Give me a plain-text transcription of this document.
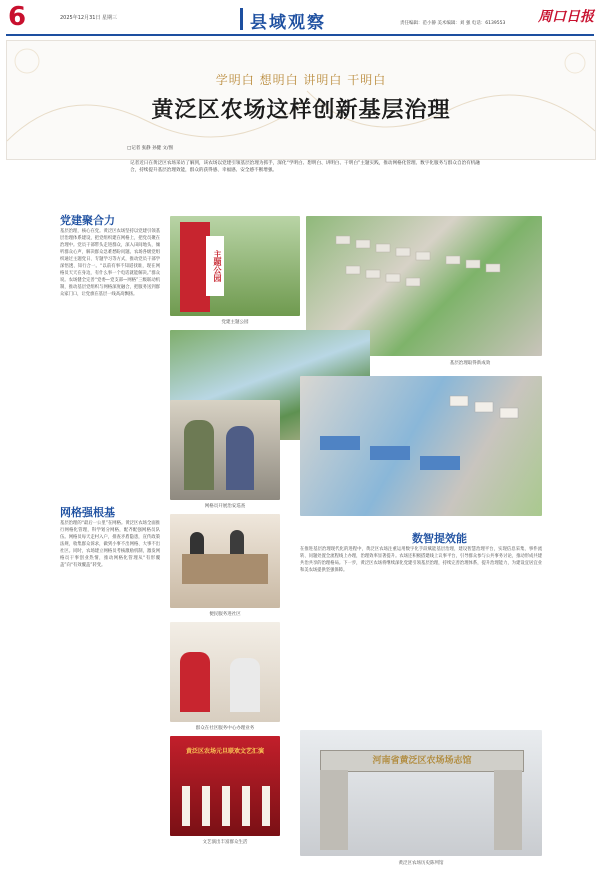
6	2025年12月31日 星期三	县域观察	责任编辑：范小静 美术编辑：刘 强 电话：6139553 周口日报
学明白 想明白 讲明白 干明白
黄泛区农场这样创新基层治理
□记者 张静 孙健 文/图
记者近日在黄泛区农场采访了解到，该农场以党建引领基层治理为抓手，深化“学明白、想明白、讲明白、干明白”主题实践，推动网格化管理、数字化服务与群众自治有机融合，持续提升基层治理效能，群众的获得感、幸福感、安全感不断增强。
党建聚合力
基层治理，核心在党。黄泛区农场坚持以党建引领基层治理体系建设，把党组织建在网格上，把党员聚在治理中。党员干部带头走进群众，深入田间地头，倾听群众心声，解决群众急难愁盼问题。农场各级党组织通过主题党日、专题学习等方式，推动党员干部学深悟透、知行合一。“以前有事不知道找谁，现在网格员天天在身边，有什么事一个电话就能解决。”群众说。农场健全完善“党委—党支部—网格”三级联动机制，推动基层党组织与网格深度融合，把服务送到群众家门口，让党旗在基层一线高高飘扬。
网格强根基
基层治理的“最后一公里”在网格。黄泛区农场全面推行网格化管理，科学划分网格，配齐配强网格员队伍。网格员每天走村入户，排查矛盾隐患，宣传政策法规，收集群众诉求，做到小事不出网格、大事不出社区。同时，农场建立网格员考核激励机制，激发网格员干事创业热情，推动网格化管理从“有形覆盖”向“有效覆盖”转变。
主题公园
党建主题公园
基层治理取得新成效
网格员开展治安巡查
便民服务进社区
群众在社区服务中心办理业务
黄泛区农场元旦联欢文艺汇演
文艺演出丰富群众生活
数智提效能
在推进基层治理现代化的进程中，黄泛区农场注重运用数字化手段赋能基层治理，建设智慧治理平台，实现信息采集、事件流转、问题处置全流程线上办理，治理效率显著提升。农场还积极搭建线上议事平台，引导群众参与公共事务讨论，推动形成共建共治共享的治理格局。下一步，黄泛区农场将继续深化党建引领基层治理，持续完善治理体系，提升治理能力，为建设宜居宜业和美农场提供坚强保障。
河南省黄泛区农场场志馆
黄泛区农场历史陈列馆
